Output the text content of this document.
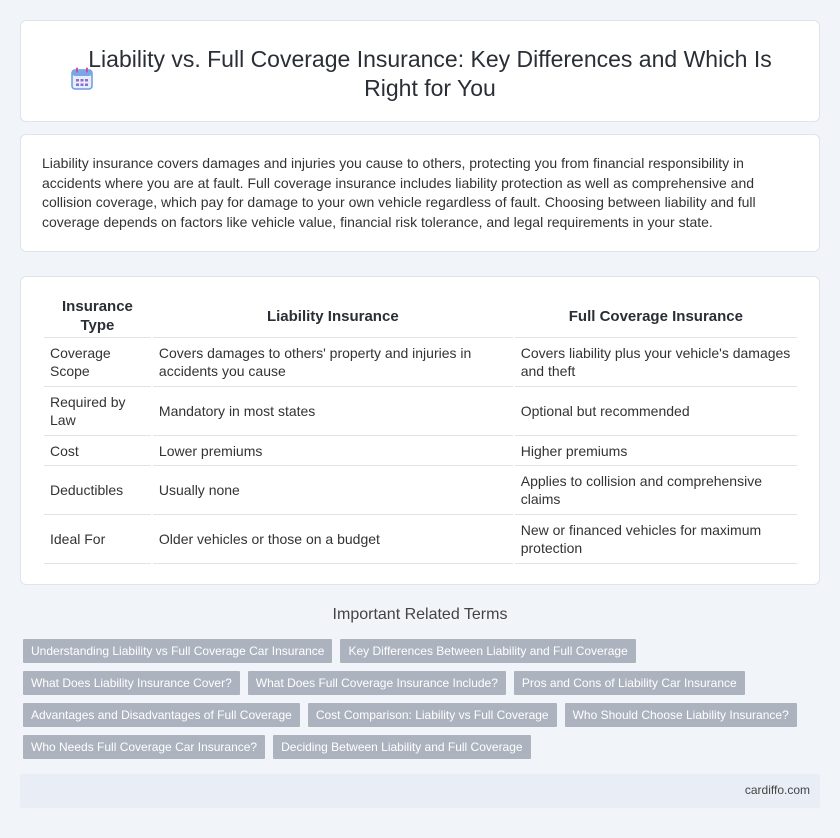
Liability vs. Full Coverage Insurance: Key Differences and Which Is Right for You

Liability insurance covers damages and injuries you cause to others, protecting you from financial responsibility in accidents where you are at fault. Full coverage insurance includes liability protection as well as comprehensive and collision coverage, which pay for damage to your own vehicle regardless of fault. Choosing between liability and full coverage depends on factors like vehicle value, financial risk tolerance, and legal requirements in your state.

Insurance Type	Liability Insurance	Full Coverage Insurance
Coverage Scope	Covers damages to others' property and injuries in accidents you cause	Covers liability plus your vehicle's damages and theft
Required by Law	Mandatory in most states	Optional but recommended
Cost	Lower premiums	Higher premiums
Deductibles	Usually none	Applies to collision and comprehensive claims
Ideal For	Older vehicles or those on a budget	New or financed vehicles for maximum protection
Important Related Terms
Understanding Liability vs Full Coverage Car Insurance	Key Differences Between Liability and Full Coverage
What Does Liability Insurance Cover?	What Does Full Coverage Insurance Include?	Pros and Cons of Liability Car Insurance
Advantages and Disadvantages of Full Coverage	Cost Comparison: Liability vs Full Coverage	Who Should Choose Liability Insurance?
Who Needs Full Coverage Car Insurance?	Deciding Between Liability and Full Coverage
cardiffo.com
